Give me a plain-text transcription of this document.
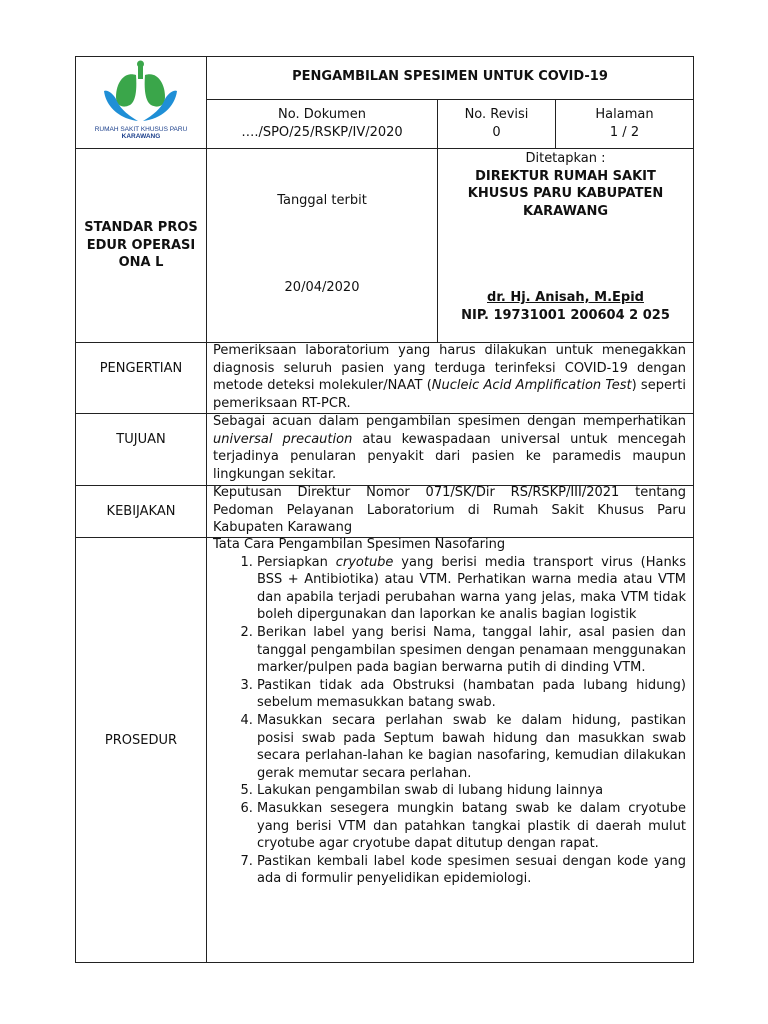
RUMAH SAKIT KHUSUS PARU
KARAWANG
PENGAMBILAN SPESIMEN UNTUK COVID-19
No. Dokumen
…./SPO/25/RSKP/IV/2020
No. Revisi
0
Halaman
1 / 2
STANDAR PROSEDUR OPERASIONA L
Tanggal terbit
20/04/2020
Ditetapkan :
DIREKTUR RUMAH SAKIT KHUSUS PARU KABUPATEN KARAWANG
dr. Hj. Anisah, M.Epid
NIP. 19731001 200604 2 025
PENGERTIAN
Pemeriksaan laboratorium yang harus dilakukan untuk menegakkan diagnosis seluruh pasien yang terduga terinfeksi COVID-19 dengan metode deteksi molekuler/NAAT (Nucleic Acid Amplification Test) seperti pemeriksaan RT-PCR.
TUJUAN
Sebagai acuan dalam pengambilan spesimen dengan memperhatikan universal precaution atau kewaspadaan universal untuk mencegah terjadinya penularan penyakit dari pasien ke paramedis maupun lingkungan sekitar.
KEBIJAKAN
Keputusan Direktur Nomor 071/SK/Dir RS/RSKP/III/2021 tentang Pedoman Pelayanan Laboratorium di Rumah Sakit Khusus Paru Kabupaten Karawang
PROSEDUR
Tata Cara Pengambilan Spesimen Nasofaring
1. Persiapkan cryotube yang berisi media transport virus (Hanks BSS + Antibiotika) atau VTM. Perhatikan warna media atau VTM dan apabila terjadi perubahan warna yang jelas, maka VTM tidak boleh dipergunakan dan laporkan ke analis bagian logistik
2. Berikan label yang berisi Nama, tanggal lahir, asal pasien dan tanggal pengambilan spesimen dengan penamaan menggunakan marker/pulpen pada bagian berwarna putih di dinding VTM.
3. Pastikan tidak ada Obstruksi (hambatan pada lubang hidung) sebelum memasukkan batang swab.
4. Masukkan secara perlahan swab ke dalam hidung, pastikan posisi swab pada Septum bawah hidung dan masukkan swab secara perlahan-lahan ke bagian nasofaring, kemudian dilakukan gerak memutar secara perlahan.
5. Lakukan pengambilan swab di lubang hidung lainnya
6. Masukkan sesegera mungkin batang swab ke dalam cryotube yang berisi VTM dan patahkan tangkai plastik di daerah mulut cryotube agar cryotube dapat ditutup dengan rapat.
7. Pastikan kembali label kode spesimen sesuai dengan kode yang ada di formulir penyelidikan epidemiologi.
